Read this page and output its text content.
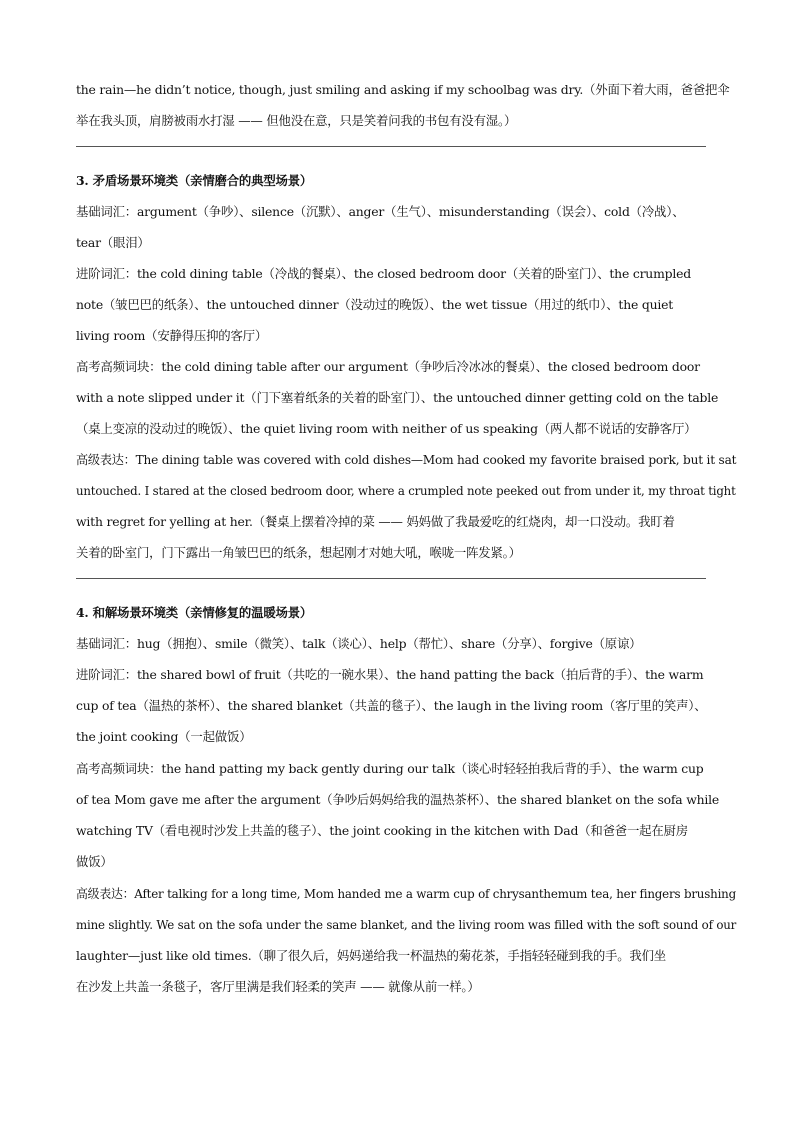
the rain—he didn’t notice, though, just smiling and asking if my schoolbag was dry.（外面下着大雨，爸爸把伞
举在我头顶，肩膀被雨水打湿 —— 但他没在意，只是笑着问我的书包有没有湿。）
3. 矛盾场景环境类（亲情磨合的典型场景）
基础词汇：argument（争吵）、silence（沉默）、anger（生气）、misunderstanding（误会）、cold（冷战）、
tear（眼泪）
进阶词汇：the cold dining table（冷战的餐桌）、the closed bedroom door（关着的卧室门）、the crumpled
note（皱巴巴的纸条）、the untouched dinner（没动过的晚饭）、the wet tissue（用过的纸巾）、the quiet
living room（安静得压抑的客厅）
高考高频词块：the cold dining table after our argument（争吵后冷冰冰的餐桌）、the closed bedroom door
with a note slipped under it（门下塞着纸条的关着的卧室门）、the untouched dinner getting cold on the table
（桌上变凉的没动过的晚饭）、the quiet living room with neither of us speaking（两人都不说话的安静客厅）
高级表达：The dining table was covered with cold dishes—Mom had cooked my favorite braised pork, but it sat
untouched. I stared at the closed bedroom door, where a crumpled note peeked out from under it, my throat tight
with regret for yelling at her.（餐桌上摆着冷掉的菜 —— 妈妈做了我最爱吃的红烧肉，却一口没动。我盯着
关着的卧室门，门下露出一角皱巴巴的纸条，想起刚才对她大吼，喉咙一阵发紧。）
4. 和解场景环境类（亲情修复的温暖场景）
基础词汇：hug（拥抱）、smile（微笑）、talk（谈心）、help（帮忙）、share（分享）、forgive（原谅）
进阶词汇：the shared bowl of fruit（共吃的一碗水果）、the hand patting the back（拍后背的手）、the warm
cup of tea（温热的茶杯）、the shared blanket（共盖的毯子）、the laugh in the living room（客厅里的笑声）、
the joint cooking（一起做饭）
高考高频词块：the hand patting my back gently during our talk（谈心时轻轻拍我后背的手）、the warm cup
of tea Mom gave me after the argument（争吵后妈妈给我的温热茶杯）、the shared blanket on the sofa while
watching TV（看电视时沙发上共盖的毯子）、the joint cooking in the kitchen with Dad（和爸爸一起在厨房
做饭）
高级表达：After talking for a long time, Mom handed me a warm cup of chrysanthemum tea, her fingers brushing
mine slightly. We sat on the sofa under the same blanket, and the living room was filled with the soft sound of our
laughter—just like old times.（聊了很久后，妈妈递给我一杯温热的菊花茶，手指轻轻碰到我的手。我们坐
在沙发上共盖一条毯子，客厅里满是我们轻柔的笑声 —— 就像从前一样。）
